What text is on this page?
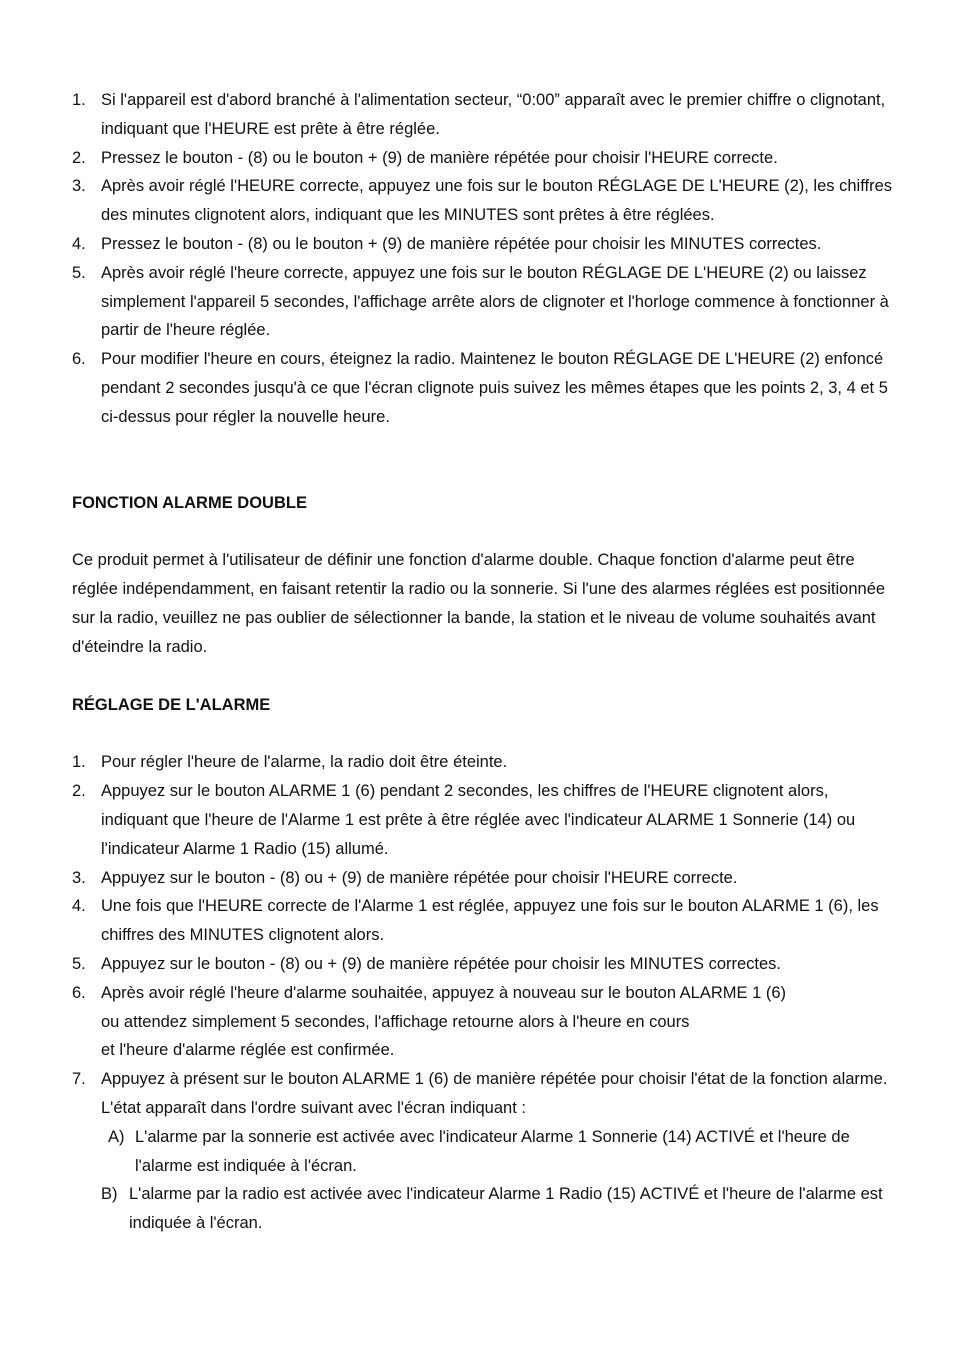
1. Si l'appareil est d'abord branché à l'alimentation secteur, “0:00” apparaît avec le premier chiffre o clignotant, indiquant que l'HEURE est prête à être réglée.
2. Pressez le bouton - (8) ou le bouton + (9) de manière répétée pour choisir l'HEURE correcte.
3. Après avoir réglé l'HEURE correcte, appuyez une fois sur le bouton RÉGLAGE DE L'HEURE (2), les chiffres des minutes clignotent alors, indiquant que les MINUTES sont prêtes à être réglées.
4. Pressez le bouton - (8) ou le bouton + (9) de manière répétée pour choisir les MINUTES correctes.
5. Après avoir réglé l'heure correcte, appuyez une fois sur le bouton RÉGLAGE DE L'HEURE (2) ou laissez simplement l'appareil 5 secondes, l'affichage arrête alors de clignoter et l'horloge commence à fonctionner à partir de l'heure réglée.
6. Pour modifier l'heure en cours, éteignez la radio. Maintenez le bouton RÉGLAGE DE L'HEURE (2) enfoncé pendant 2 secondes jusqu'à ce que l'écran clignote puis suivez les mêmes étapes que les points 2, 3, 4 et 5 ci-dessus pour régler la nouvelle heure.
FONCTION ALARME DOUBLE

Ce produit permet à l'utilisateur de définir une fonction d'alarme double. Chaque fonction d'alarme peut être réglée indépendamment, en faisant retentir la radio ou la sonnerie. Si l'une des alarmes réglées est positionnée sur la radio, veuillez ne pas oublier de sélectionner la bande, la station et le niveau de volume souhaités avant d'éteindre la radio.

RÉGLAGE DE L'ALARME
1. Pour régler l'heure de l'alarme, la radio doit être éteinte.
2. Appuyez sur le bouton ALARME 1 (6) pendant 2 secondes, les chiffres de l'HEURE clignotent alors, indiquant que l'heure de l'Alarme 1 est prête à être réglée avec l'indicateur ALARME 1 Sonnerie (14) ou l'indicateur Alarme 1 Radio (15) allumé.
3. Appuyez sur le bouton - (8) ou + (9) de manière répétée pour choisir l'HEURE correcte.
4. Une fois que l'HEURE correcte de l'Alarme 1 est réglée, appuyez une fois sur le bouton ALARME 1 (6), les chiffres des MINUTES clignotent alors.
5. Appuyez sur le bouton - (8) ou + (9) de manière répétée pour choisir les MINUTES correctes.
6. Après avoir réglé l'heure d'alarme souhaitée, appuyez à nouveau sur le bouton ALARME 1 (6)
ou attendez simplement 5 secondes, l'affichage retourne alors à l'heure en cours
et l'heure d'alarme réglée est confirmée.
7. Appuyez à présent sur le bouton ALARME 1 (6) de manière répétée pour choisir l'état de la fonction alarme.
L'état apparaît dans l'ordre suivant avec l'écran indiquant :
A) L'alarme par la sonnerie est activée avec l'indicateur Alarme 1 Sonnerie (14) ACTIVÉ et l'heure de l'alarme est indiquée à l'écran.
B) L'alarme par la radio est activée avec l'indicateur Alarme 1 Radio (15) ACTIVÉ et l'heure de l'alarme est indiquée à l'écran.
